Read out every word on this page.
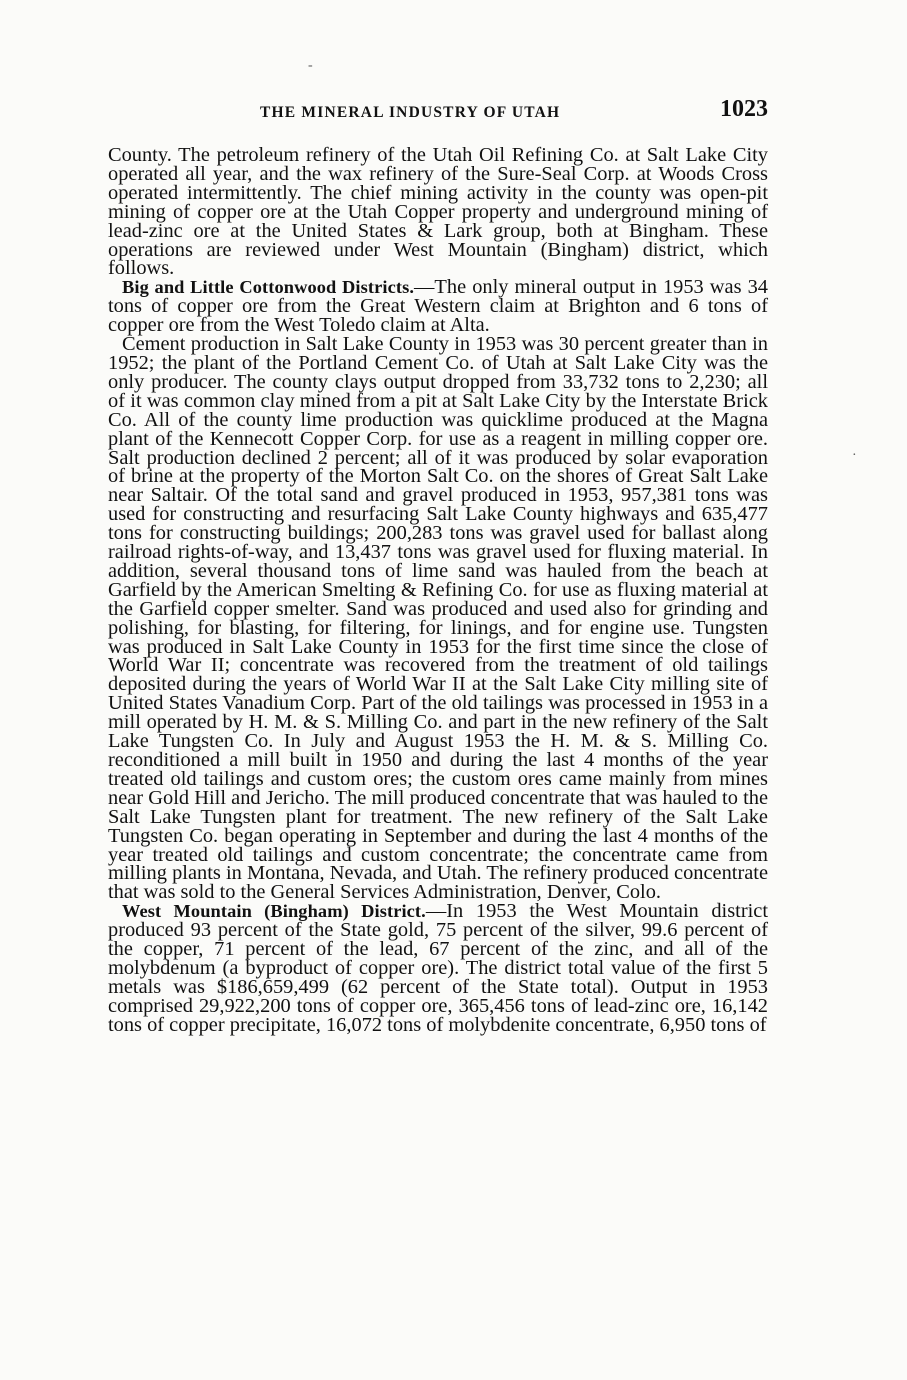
THE MINERAL INDUSTRY OF UTAH	1023

County. The petroleum refinery of the Utah Oil Refining Co. at Salt Lake City operated all year, and the wax refinery of the Sure-Seal Corp. at Woods Cross operated intermittently. The chief mining activity in the county was open-pit mining of copper ore at the Utah Copper property and underground mining of lead-zinc ore at the United States & Lark group, both at Bingham. These operations are reviewed under West Mountain (Bingham) district, which follows.

Big and Little Cottonwood Districts.—The only mineral output in 1953 was 34 tons of copper ore from the Great Western claim at Brighton and 6 tons of copper ore from the West Toledo claim at Alta.

Cement production in Salt Lake County in 1953 was 30 percent greater than in 1952; the plant of the Portland Cement Co. of Utah at Salt Lake City was the only producer. The county clays output dropped from 33,732 tons to 2,230; all of it was common clay mined from a pit at Salt Lake City by the Interstate Brick Co. All of the county lime production was quicklime produced at the Magna plant of the Kennecott Copper Corp. for use as a reagent in milling copper ore. Salt production declined 2 percent; all of it was produced by solar evaporation of brine at the property of the Morton Salt Co. on the shores of Great Salt Lake near Saltair. Of the total sand and gravel produced in 1953, 957,381 tons was used for constructing and resurfacing Salt Lake County highways and 635,477 tons for constructing buildings; 200,283 tons was gravel used for ballast along railroad rights-of-way, and 13,437 tons was gravel used for fluxing material. In addition, several thousand tons of lime sand was hauled from the beach at Garfield by the American Smelting & Refining Co. for use as fluxing material at the Garfield copper smelter. Sand was produced and used also for grinding and polishing, for blasting, for filtering, for linings, and for engine use. Tungsten was produced in Salt Lake County in 1953 for the first time since the close of World War II; concentrate was recovered from the treatment of old tailings deposited during the years of World War II at the Salt Lake City milling site of United States Vanadium Corp. Part of the old tailings was processed in 1953 in a mill operated by H. M. & S. Milling Co. and part in the new refinery of the Salt Lake Tungsten Co. In July and August 1953 the H. M. & S. Milling Co. reconditioned a mill built in 1950 and during the last 4 months of the year treated old tailings and custom ores; the custom ores came mainly from mines near Gold Hill and Jericho. The mill produced concentrate that was hauled to the Salt Lake Tungsten plant for treatment. The new refinery of the Salt Lake Tungsten Co. began operating in September and during the last 4 months of the year treated old tailings and custom concentrate; the concentrate came from milling plants in Montana, Nevada, and Utah. The refinery produced concentrate that was sold to the General Services Administration, Denver, Colo.

West Mountain (Bingham) District.—In 1953 the West Mountain district produced 93 percent of the State gold, 75 percent of the silver, 99.6 percent of the copper, 71 percent of the lead, 67 percent of the zinc, and all of the molybdenum (a byproduct of copper ore). The district total value of the first 5 metals was $186,659,499 (62 percent of the State total). Output in 1953 comprised 29,922,200 tons of copper ore, 365,456 tons of lead-zinc ore, 16,142 tons of copper precipitate, 16,072 tons of molybdenite concentrate, 6,950 tons of

-
·
